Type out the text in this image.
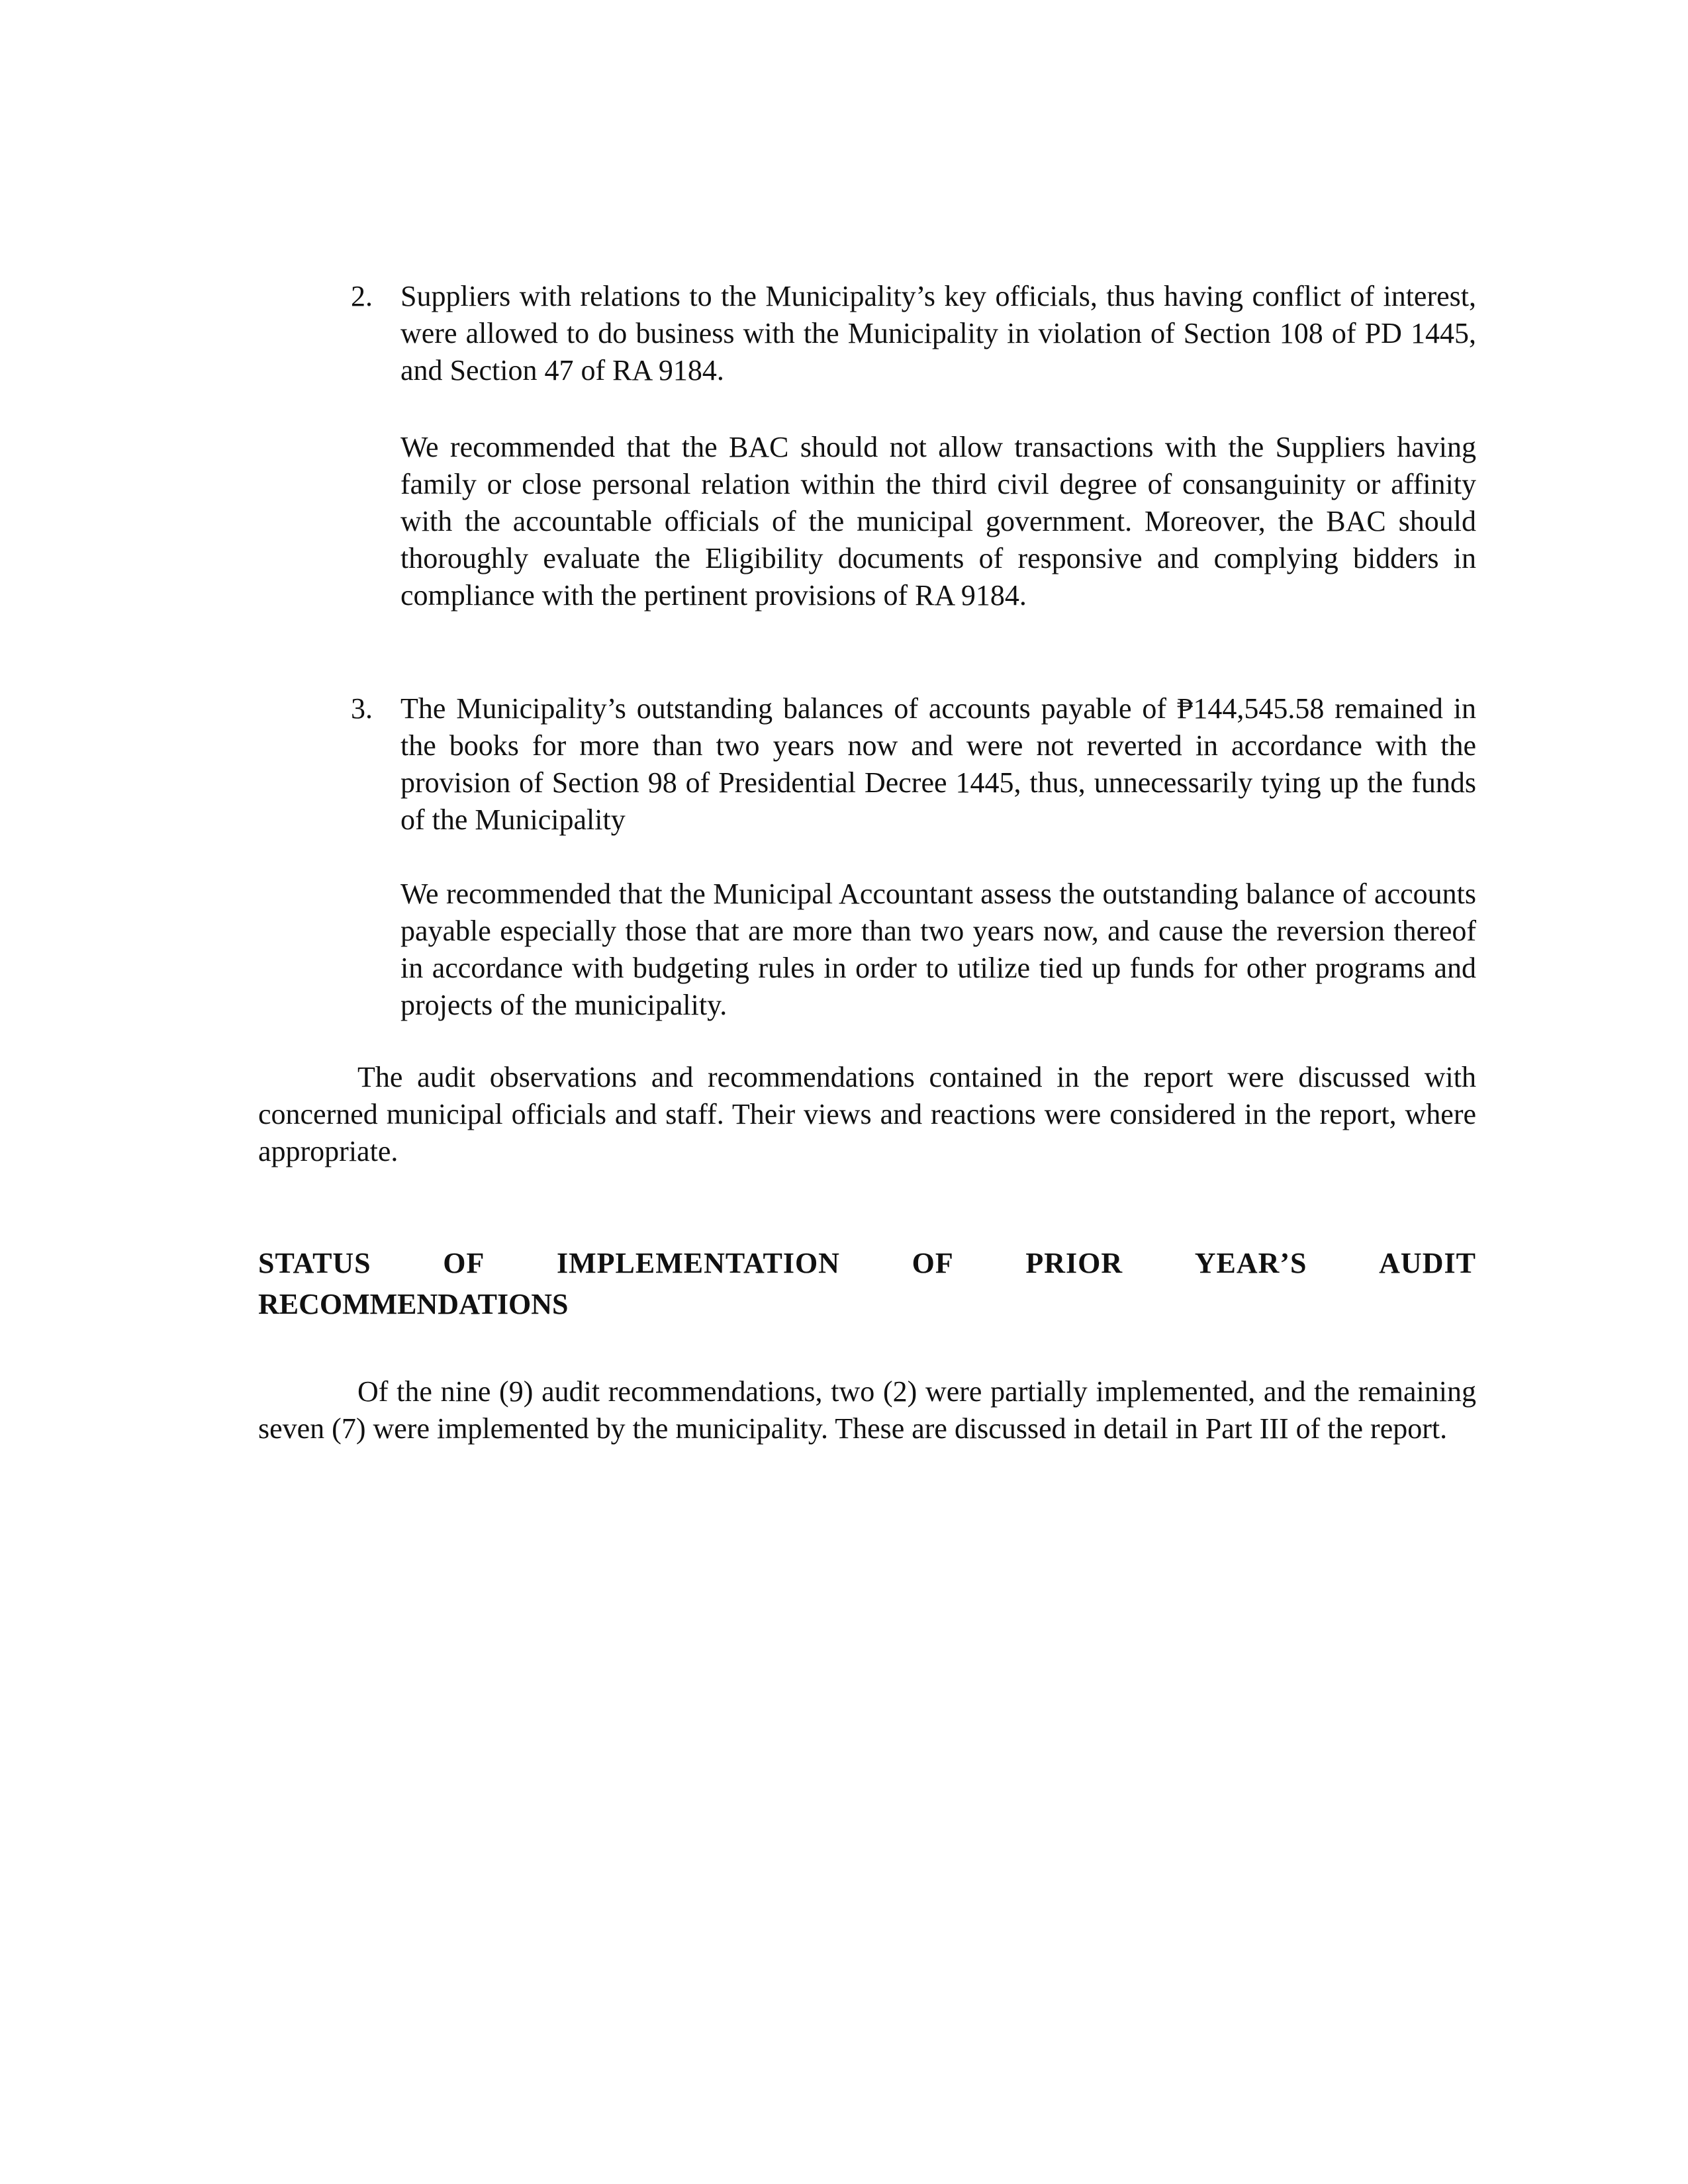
2. Suppliers with relations to the Municipality’s key officials, thus having conflict of interest, were allowed to do business with the Municipality in violation of Section 108 of PD 1445, and Section 47 of RA 9184.

We recommended that the BAC should not allow transactions with the Suppliers having family or close personal relation within the third civil degree of consanguinity or affinity with the accountable officials of the municipal government. Moreover, the BAC should thoroughly evaluate the Eligibility documents of responsive and complying bidders in compliance with the pertinent provisions of RA 9184.

3. The Municipality’s outstanding balances of accounts payable of ₱144,545.58 remained in the books for more than two years now and were not reverted in accordance with the provision of Section 98 of Presidential Decree 1445, thus, unnecessarily tying up the funds of the Municipality

We recommended that the Municipal Accountant assess the outstanding balance of accounts payable especially those that are more than two years now, and cause the reversion thereof in accordance with budgeting rules in order to utilize tied up funds for other programs and projects of the municipality.

The audit observations and recommendations contained in the report were discussed with concerned municipal officials and staff. Their views and reactions were considered in the report, where appropriate.

STATUS OF IMPLEMENTATION OF PRIOR YEAR’S AUDIT
RECOMMENDATIONS

Of the nine (9) audit recommendations, two (2) were partially implemented, and the remaining seven (7) were implemented by the municipality. These are discussed in detail in Part III of the report.
